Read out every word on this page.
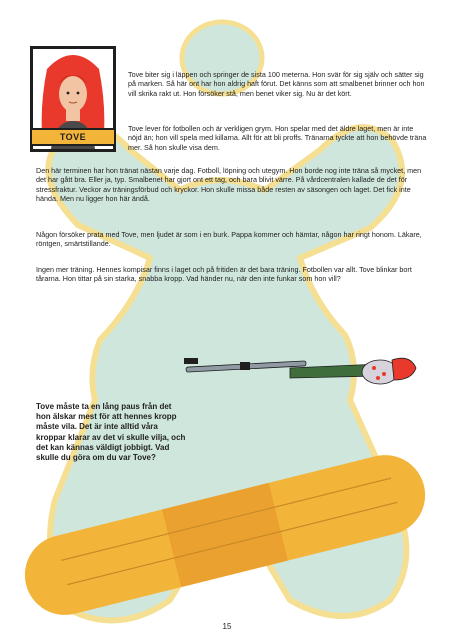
TOVE

Tove biter sig i läppen och springer de sista 100 meterna. Hon svär för sig själv och sätter sig på marken. Så här ont har hon aldrig haft förut. Det känns som att smalbenet brinner och hon vill skrika rakt ut. Hon försöker stå, men benet viker sig. Nu är det kört.

Tove lever för fotbollen och är verkligen grym. Hon spelar med det äldre laget, men är inte nöjd än; hon vill spela med killarna. Allt för att bli proffs. Tränarna tyckte att hon behövde träna mer. Så hon skulle visa dem.

Den här terminen har hon tränat nästan varje dag. Fotboll, löpning och utegym. Hon borde nog inte träna så mycket, men det har gått bra. Eller ja, typ. Smalbenet har gjort ont ett tag, och bara blivit värre. På vårdcentralen kallade de det för stressfraktur. Veckor av träningsförbud och kryckor. Hon skulle missa både resten av säsongen och laget. Det fick inte hända. Men nu ligger hon här ändå.

Någon försöker prata med Tove, men ljudet är som i en burk. Pappa kommer och hämtar, någon har ringt honom. Läkare, röntgen, smärtstillande.

Ingen mer träning. Hennes kompisar finns i laget och på fritiden är det bara träning. Fotbollen var allt. Tove blinkar bort tårarna. Hon tittar på sin starka, snabba kropp. Vad händer nu, när den inte funkar som hon vill?

Tove måste ta en lång paus från det hon älskar mest för att hennes kropp måste vila. Det är inte alltid våra kroppar klarar av det vi skulle vilja, och det kan kännas väldigt jobbigt. Vad skulle du göra om du var Tove?

15
